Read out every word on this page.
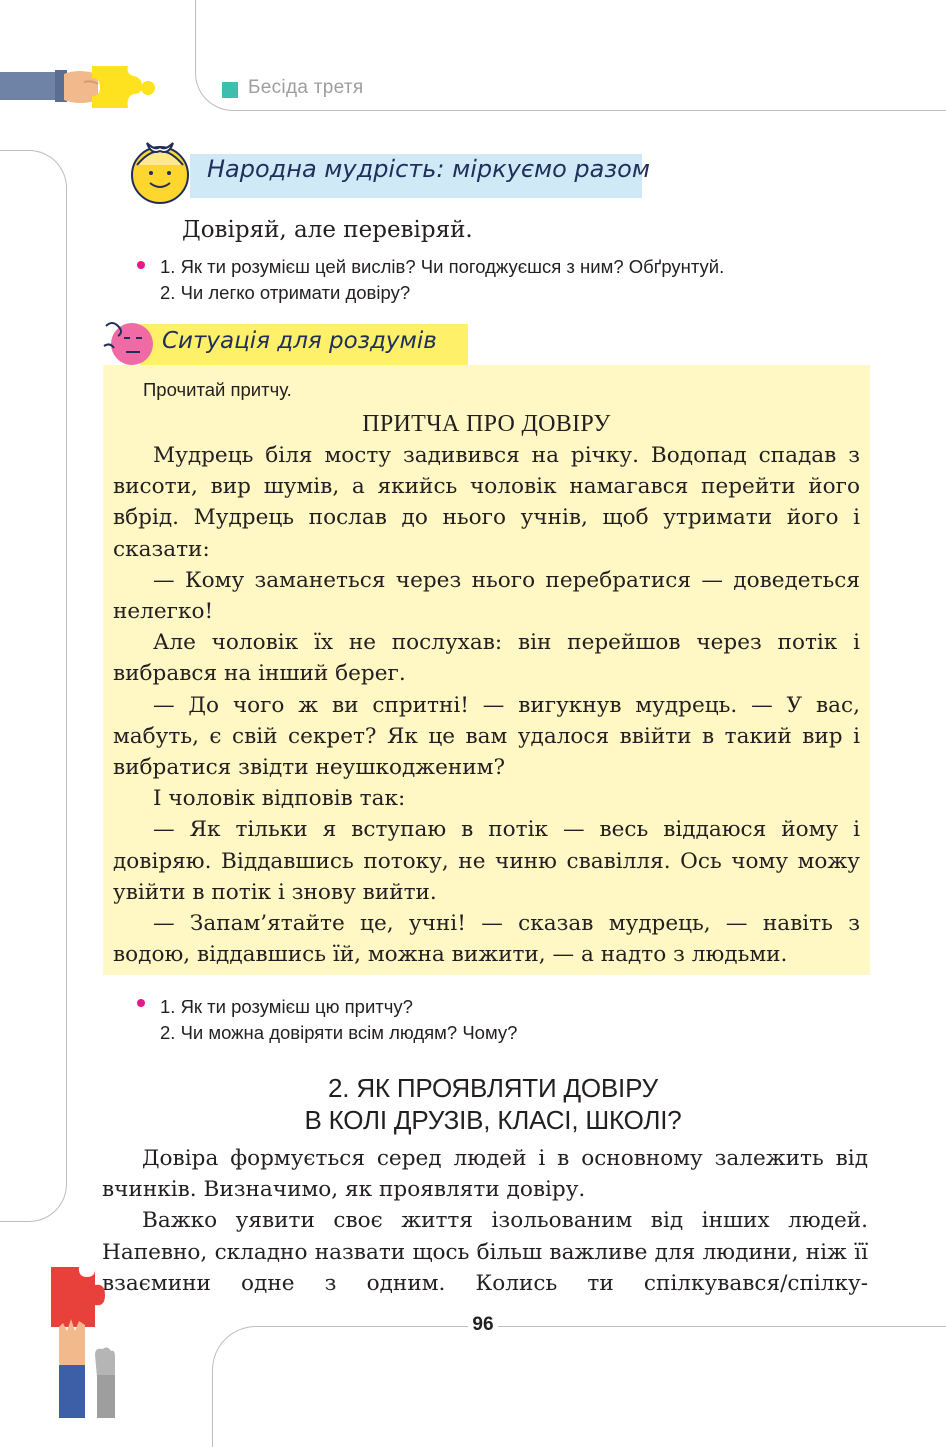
Бесіда третя
Народна мудрість: міркуємо разом
Довіряй, але перевіряй.
1. Як ти розумієш цей вислів? Чи погоджуєшся з ним? Обґрунтуй.
2. Чи легко отримати довіру?
Ситуація для роздумів
Прочитай притчу.
ПРИТЧА ПРО ДОВІРУ

Мудрець біля мосту задивився на річку. Водопад спадав з висоти, вир шумів, а якийсь чоловік намагався перейти його вбрід. Мудрець послав до нього учнів, щоб утримати його і сказати:

— Кому заманеться через нього перебратися — доведеться нелегко!

Але чоловік їх не послухав: він перейшов через потік і вибрався на інший берег.

— До чого ж ви спритні! — вигукнув мудрець. — У вас, мабуть, є свій секрет? Як це вам удалося ввійти в такий вир і вибратися звідти неушкодженим?

І чоловік відповів так:

— Як тільки я вступаю в потік — весь віддаюся йому і довіряю. Віддавшись потоку, не чиню свавілля. Ось чому можу увійти в потік і знову вийти.

— Запам’ятайте це, учні! — сказав мудрець, — навіть з водою, віддавшись їй, можна вижити, — а надто з людьми.

1. Як ти розумієш цю притчу?
2. Чи можна довіряти всім людям? Чому?
2. ЯК ПРОЯВЛЯТИ ДОВІРУ
В КОЛІ ДРУЗІВ, КЛАСІ, ШКОЛІ?

Довіра формується серед людей і в основному залежить від вчинків. Визначимо, як проявляти довіру.

Важко уявити своє життя ізольованим від інших людей. Напевно, складно назвати щось більш важливе для людини, ніж її взаємини одне з одним. Колись ти спілкувався/спілку-

96
